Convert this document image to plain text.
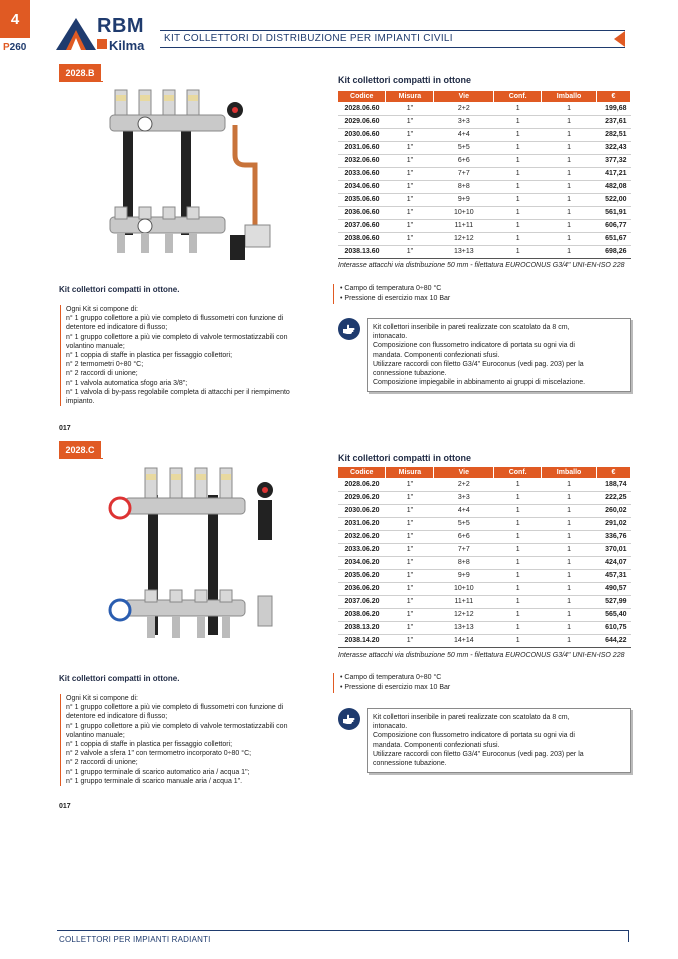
4
P260
RBM
Kilma KIT COLLETTORI DI DISTRIBUZIONE PER IMPIANTI CIVILI
2028.B
Kit collettori compatti in ottone
Codice	Misura	Vie	Conf.	Imballo	€
2028.06.60	1"	2+2	1	1	199,68
2029.06.60	1"	3+3	1	1	237,61
2030.06.60	1"	4+4	1	1	282,51
2031.06.60	1"	5+5	1	1	322,43
2032.06.60	1"	6+6	1	1	377,32
2033.06.60	1"	7+7	1	1	417,21
2034.06.60	1"	8+8	1	1	482,08
2035.06.60	1"	9+9	1	1	522,00
2036.06.60	1"	10+10	1	1	561,91
2037.06.60	1"	11+11	1	1	606,77
2038.06.60	1"	12+12	1	1	651,67
2038.13.60	1"	13+13	1	1	698,26
Interasse attacchi via distribuzione 50 mm - filettatura EUROCONUS G3/4" UNI-EN-ISO 228
Kit collettori compatti in ottone.
Ogni Kit si compone di:
n° 1 gruppo collettore a più vie completo di flussometri con funzione di
detentore ed indicatore di flusso;
n° 1 gruppo collettore a più vie completo di valvole termostatizzabili con
volantino manuale;
n° 1 coppia di staffe in plastica per fissaggio collettori;
n° 2 termometri 0÷80 °C;
n° 2 raccordi di unione;
n° 1 valvola automatica sfogo aria 3/8";
n° 1 valvola di by-pass regolabile completa di attacchi per il riempimento
impianto.
• Campo di temperatura 0÷80 °C
• Pressione di esercizio max 10 Bar
Kit collettori inseribile in pareti realizzate con scatolato da 8 cm,
intonacato.
Composizione con flussometro indicatore di portata su ogni via di
mandata. Componenti confezionati sfusi.
Utilizzare raccordi con filetto G3/4" Euroconus (vedi pag. 203) per la
connessione tubazione.
Composizione impiegabile in abbinamento ai gruppi di miscelazione.
017
2028.C
Kit collettori compatti in ottone
Codice	Misura	Vie	Conf.	Imballo	€
2028.06.20	1"	2+2	1	1	188,74
2029.06.20	1"	3+3	1	1	222,25
2030.06.20	1"	4+4	1	1	260,02
2031.06.20	1"	5+5	1	1	291,02
2032.06.20	1"	6+6	1	1	336,76
2033.06.20	1"	7+7	1	1	370,01
2034.06.20	1"	8+8	1	1	424,07
2035.06.20	1"	9+9	1	1	457,31
2036.06.20	1"	10+10	1	1	490,57
2037.06.20	1"	11+11	1	1	527,99
2038.06.20	1"	12+12	1	1	565,40
2038.13.20	1"	13+13	1	1	610,75
2038.14.20	1"	14+14	1	1	644,22
Interasse attacchi via distribuzione 50 mm - filettatura EUROCONUS G3/4" UNI-EN-ISO 228
Kit collettori compatti in ottone.
Ogni Kit si compone di:
n° 1 gruppo collettore a più vie completo di flussometri con funzione di
detentore ed indicatore di flusso;
n° 1 gruppo collettore a più vie completo di valvole termostatizzabili con
volantino manuale;
n° 1 coppia di staffe in plastica per fissaggio collettori;
n° 2 valvole a sfera 1" con termometro incorporato 0÷80 °C;
n° 2 raccordi di unione;
n° 1 gruppo terminale di scarico automatico aria / acqua 1";
n° 1 gruppo terminale di scarico manuale aria / acqua 1".
• Campo di temperatura 0÷80 °C
• Pressione di esercizio max 10 Bar
Kit collettori inseribile in pareti realizzate con scatolato da 8 cm,
intonacato.
Composizione con flussometro indicatore di portata su ogni via di
mandata. Componenti confezionati sfusi.
Utilizzare raccordi con filetto G3/4" Euroconus (vedi pag. 203) per la
connessione tubazione.
017
COLLETTORI PER IMPIANTI RADIANTI
